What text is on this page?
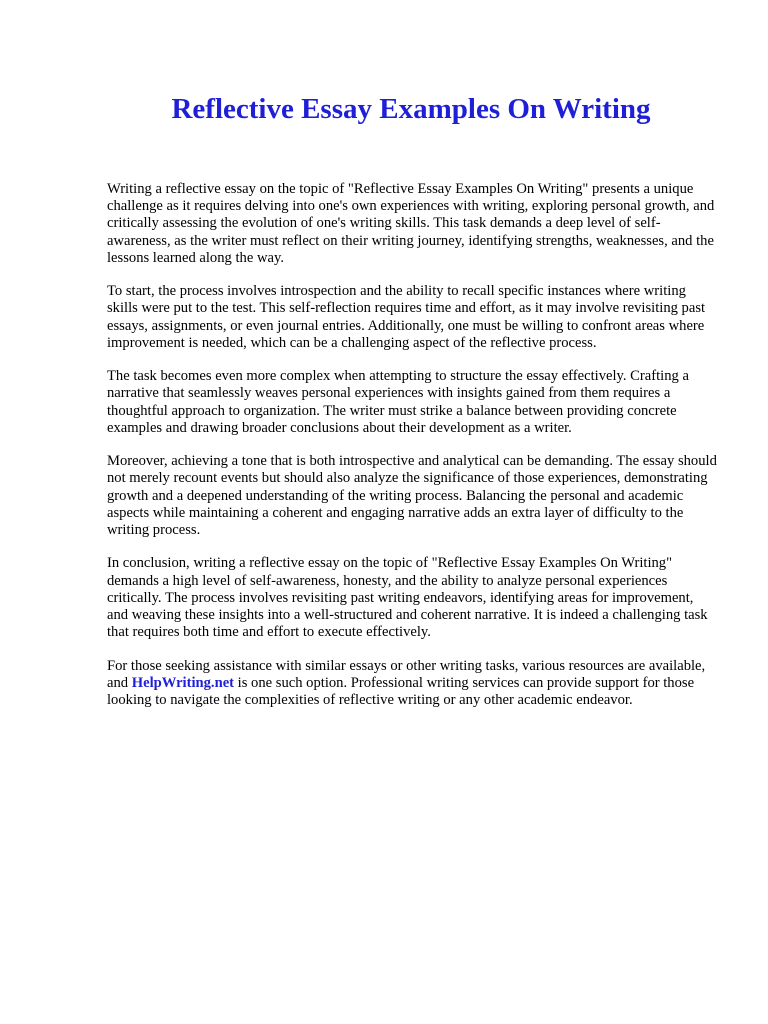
Reflective Essay Examples On Writing

Writing a reflective essay on the topic of "Reflective Essay Examples On Writing" presents a unique challenge as it requires delving into one's own experiences with writing, exploring personal growth, and critically assessing the evolution of one's writing skills. This task demands a deep level of self-awareness, as the writer must reflect on their writing journey, identifying strengths, weaknesses, and the lessons learned along the way.

To start, the process involves introspection and the ability to recall specific instances where writing skills were put to the test. This self-reflection requires time and effort, as it may involve revisiting past essays, assignments, or even journal entries. Additionally, one must be willing to confront areas where improvement is needed, which can be a challenging aspect of the reflective process.

The task becomes even more complex when attempting to structure the essay effectively. Crafting a narrative that seamlessly weaves personal experiences with insights gained from them requires a thoughtful approach to organization. The writer must strike a balance between providing concrete examples and drawing broader conclusions about their development as a writer.

Moreover, achieving a tone that is both introspective and analytical can be demanding. The essay should not merely recount events but should also analyze the significance of those experiences, demonstrating growth and a deepened understanding of the writing process. Balancing the personal and academic aspects while maintaining a coherent and engaging narrative adds an extra layer of difficulty to the writing process.

In conclusion, writing a reflective essay on the topic of "Reflective Essay Examples On Writing" demands a high level of self-awareness, honesty, and the ability to analyze personal experiences critically. The process involves revisiting past writing endeavors, identifying areas for improvement, and weaving these insights into a well-structured and coherent narrative. It is indeed a challenging task that requires both time and effort to execute effectively.

For those seeking assistance with similar essays or other writing tasks, various resources are available, and HelpWriting.net is one such option. Professional writing services can provide support for those looking to navigate the complexities of reflective writing or any other academic endeavor.
